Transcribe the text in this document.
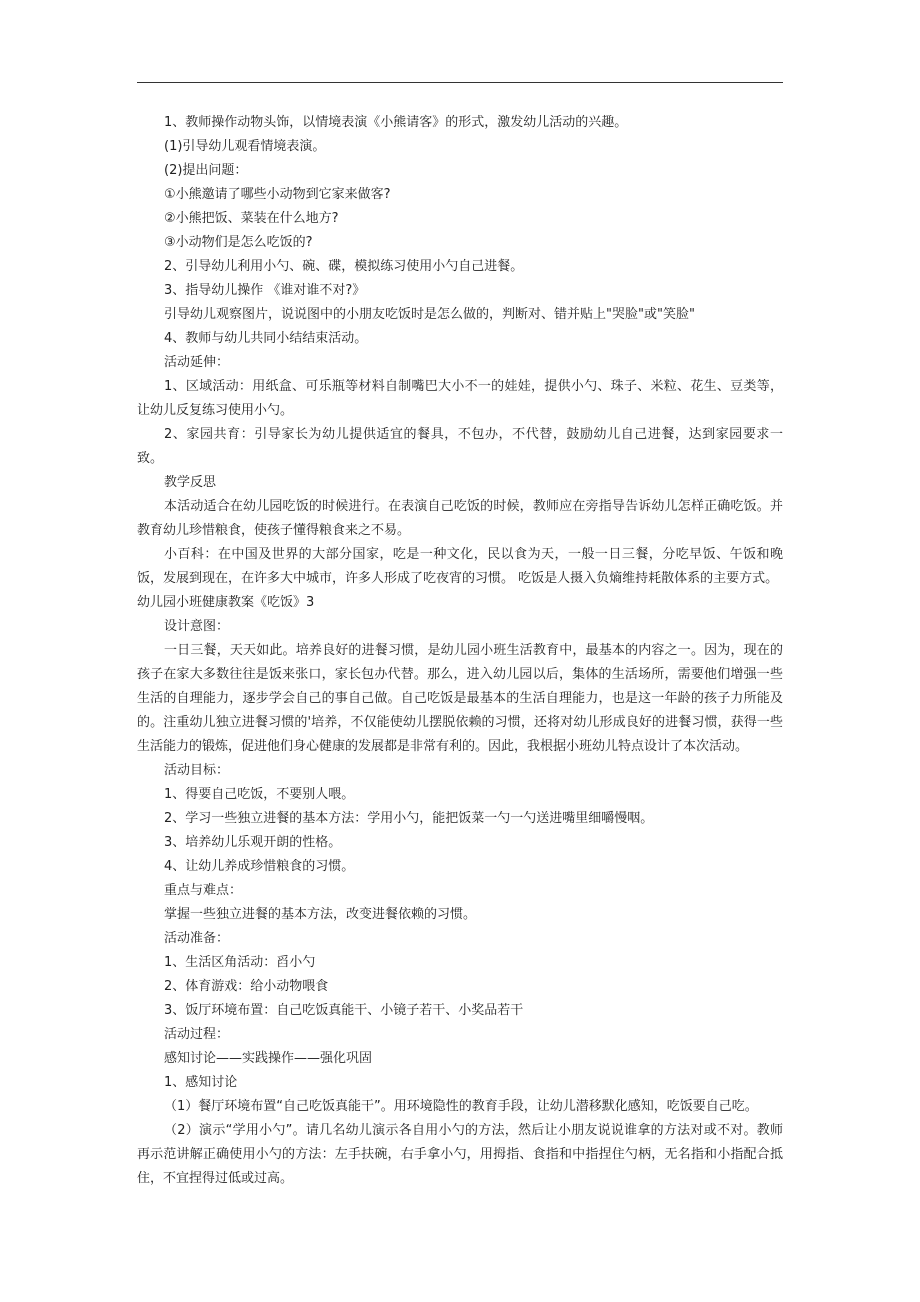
1、教师操作动物头饰，以情境表演《小熊请客》的形式，激发幼儿活动的兴趣。

(1)引导幼儿观看情境表演。

(2)提出问题：

①小熊邀请了哪些小动物到它家来做客?

②小熊把饭、菜装在什么地方?

③小动物们是怎么吃饭的?

2、引导幼儿利用小勺、碗、碟，模拟练习使用小勺自己进餐。

3、指导幼儿操作 《谁对谁不对?》

引导幼儿观察图片，说说图中的小朋友吃饭时是怎么做的，判断对、错并贴上"哭脸"或"笑脸"

4、教师与幼儿共同小结结束活动。

活动延伸：

1、区域活动：用纸盒、可乐瓶等材料自制嘴巴大小不一的娃娃，提供小勺、珠子、米粒、花生、豆类等，让幼儿反复练习使用小勺。

2、家园共育：引导家长为幼儿提供适宜的餐具，不包办，不代替，鼓励幼儿自己进餐，达到家园要求一致。

教学反思

本活动适合在幼儿园吃饭的时候进行。在表演自己吃饭的时候，教师应在旁指导告诉幼儿怎样正确吃饭。并教育幼儿珍惜粮食，使孩子懂得粮食来之不易。

小百科：在中国及世界的大部分国家，吃是一种文化，民以食为天，一般一日三餐，分吃早饭、午饭和晚饭，发展到现在，在许多大中城市，许多人形成了吃夜宵的习惯。 吃饭是人摄入负熵维持耗散体系的主要方式。

幼儿园小班健康教案《吃饭》3

设计意图：

一日三餐，天天如此。培养良好的进餐习惯，是幼儿园小班生活教育中，最基本的内容之一。因为，现在的孩子在家大多数往往是饭来张口，家长包办代替。那么，进入幼儿园以后，集体的生活场所，需要他们增强一些生活的自理能力，逐步学会自己的事自己做。自己吃饭是最基本的生活自理能力，也是这一年龄的孩子力所能及的。注重幼儿独立进餐习惯的'培养，不仅能使幼儿摆脱依赖的习惯，还将对幼儿形成良好的进餐习惯，获得一些生活能力的锻炼，促进他们身心健康的发展都是非常有利的。因此，我根据小班幼儿特点设计了本次活动。

活动目标：

1、得要自己吃饭，不要别人喂。

2、学习一些独立进餐的基本方法：学用小勺，能把饭菜一勺一勺送进嘴里细嚼慢咽。

3、培养幼儿乐观开朗的性格。

4、让幼儿养成珍惜粮食的习惯。

重点与难点：

掌握一些独立进餐的基本方法，改变进餐依赖的习惯。

活动准备：

1、生活区角活动：舀小勺

2、体育游戏：给小动物喂食

3、饭厅环境布置：自己吃饭真能干、小镜子若干、小奖品若干

活动过程：

感知讨论——实践操作——强化巩固

1、感知讨论

（1）餐厅环境布置“自己吃饭真能干”。用环境隐性的教育手段，让幼儿潜移默化感知，吃饭要自己吃。

（2）演示“学用小勺”。请几名幼儿演示各自用小勺的方法，然后让小朋友说说谁拿的方法对或不对。教师再示范讲解正确使用小勺的方法：左手扶碗，右手拿小勺，用拇指、食指和中指捏住勺柄，无名指和小指配合抵住，不宜捏得过低或过高。
